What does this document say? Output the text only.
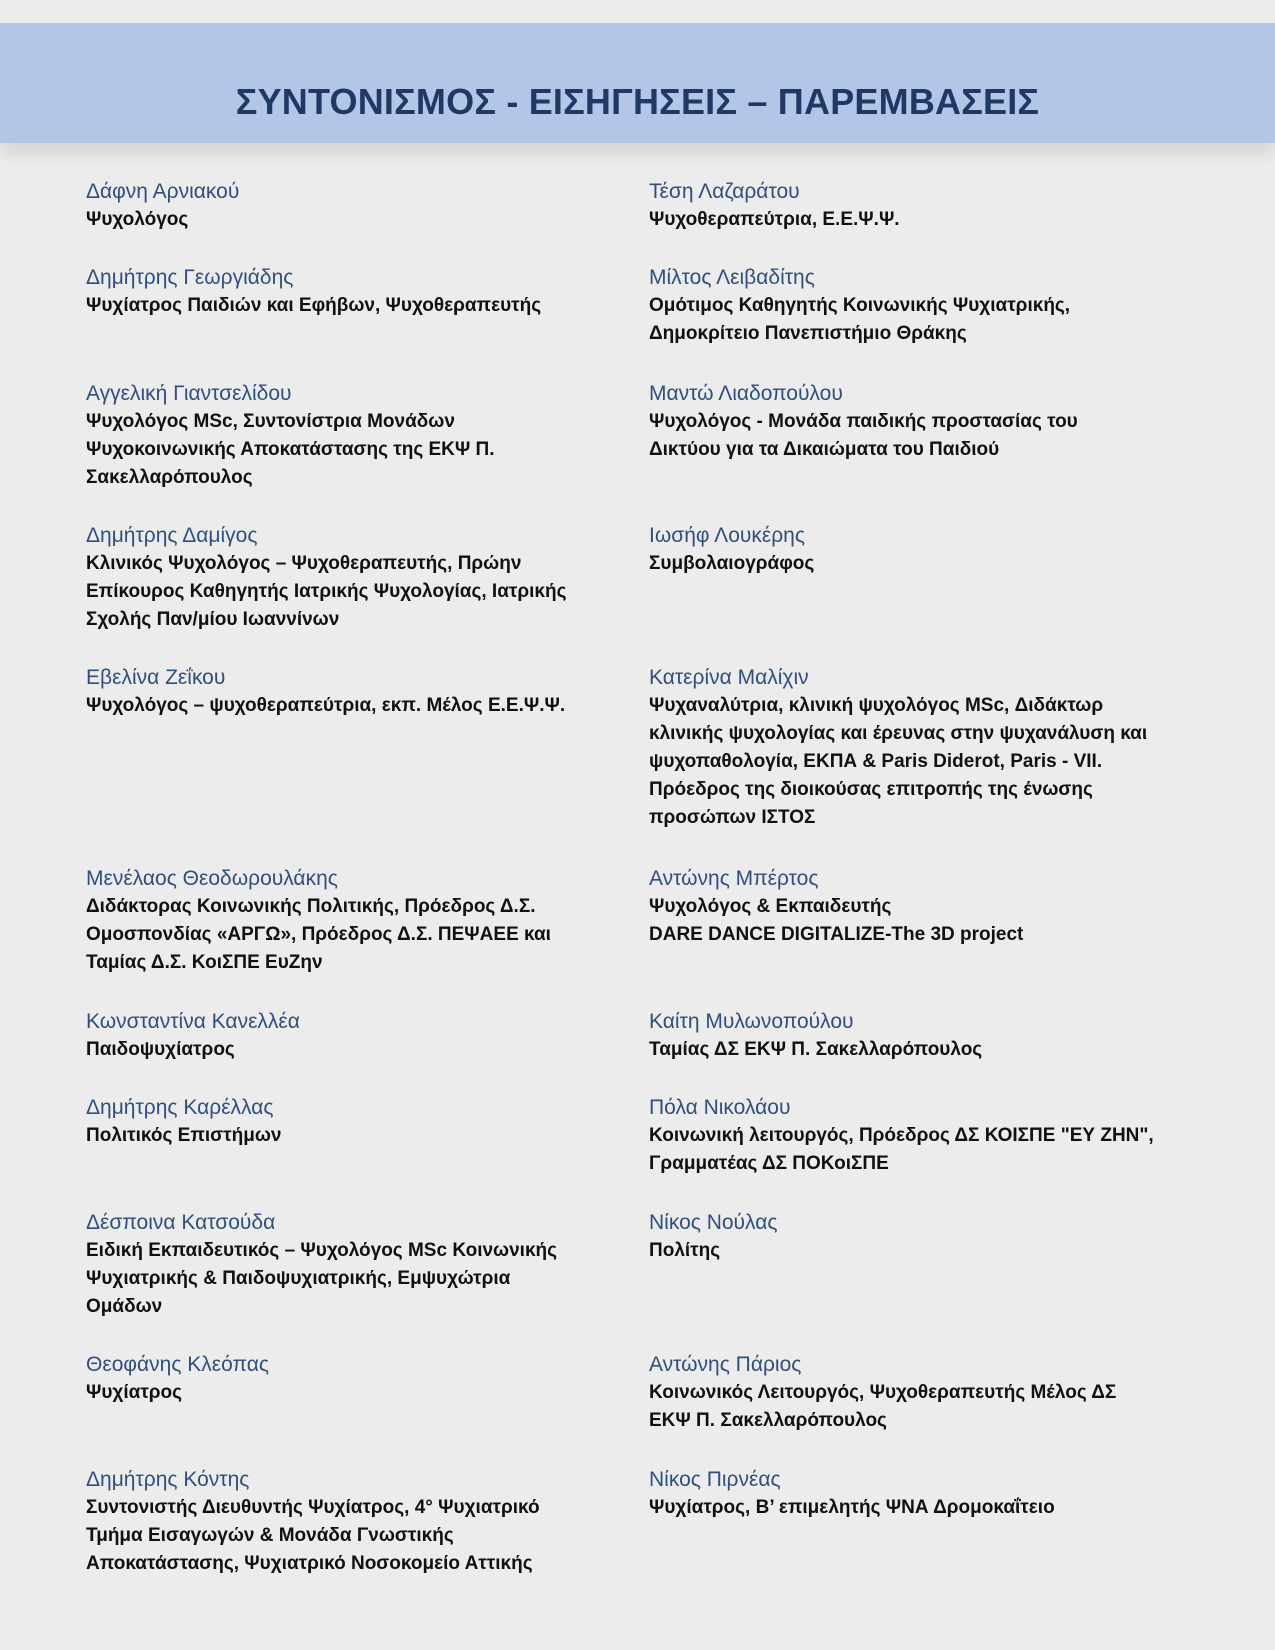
ΣΥΝΤΟΝΙΣΜΟΣ - ΕΙΣΗΓΗΣΕΙΣ – ΠΑΡΕΜΒΑΣΕΙΣ

Δάφνη Αρνιακού

Ψυχολόγος

Δημήτρης Γεωργιάδης

Ψυχίατρος Παιδιών και Εφήβων, Ψυχοθεραπευτής

Αγγελική Γιαντσελίδου

Ψυχολόγος MSc, Συντονίστρια Μονάδων

Ψυχοκοινωνικής Αποκατάστασης της ΕΚΨ Π.

Σακελλαρόπουλος

Δημήτρης Δαμίγος

Κλινικός Ψυχολόγος – Ψυχοθεραπευτής, Πρώην

Επίκουρος Καθηγητής Ιατρικής Ψυχολογίας, Ιατρικής

Σχολής Παν/μίου Ιωαννίνων

Εβελίνα Ζεΐκου

Ψυχολόγος – ψυχοθεραπεύτρια, εκπ. Μέλος Ε.Ε.Ψ.Ψ.

Μενέλαος Θεοδωρουλάκης

Διδάκτορας Κοινωνικής Πολιτικής, Πρόεδρος Δ.Σ.

Ομοσπονδίας «ΑΡΓΩ», Πρόεδρος Δ.Σ. ΠΕΨΑΕΕ και

Ταμίας Δ.Σ. ΚοιΣΠΕ ΕυΖην

Κωνσταντίνα Κανελλέα

Παιδοψυχίατρος

Δημήτρης Καρέλλας

Πολιτικός Επιστήμων

Δέσποινα Κατσούδα

Ειδική Εκπαιδευτικός – Ψυχολόγος MSc Κοινωνικής

Ψυχιατρικής & Παιδοψυχιατρικής, Εμψυχώτρια

Ομάδων

Θεοφάνης Κλεόπας

Ψυχίατρος

Δημήτρης Κόντης

Συντονιστής Διευθυντής Ψυχίατρος, 4° Ψυχιατρικό

Τμήμα Εισαγωγών & Μονάδα Γνωστικής

Αποκατάστασης, Ψυχιατρικό Νοσοκομείο Αττικής

Τέση Λαζαράτου

Ψυχοθεραπεύτρια, Ε.Ε.Ψ.Ψ.

Μίλτος Λειβαδίτης

Ομότιμος Καθηγητής Κοινωνικής Ψυχιατρικής,

Δημοκρίτειο Πανεπιστήμιο Θράκης

Μαντώ Λιαδοπούλου

Ψυχολόγος - Μονάδα παιδικής προστασίας του

Δικτύου για τα Δικαιώματα του Παιδιού

Ιωσήφ Λουκέρης

Συμβολαιογράφος

Κατερίνα Μαλίχιν

Ψυχαναλύτρια, κλινική ψυχολόγος MSc, Διδάκτωρ

κλινικής ψυχολογίας και έρευνας στην ψυχανάλυση και

ψυχοπαθολογία, ΕΚΠΑ & Paris Diderot, Paris - VII.

Πρόεδρος της διοικούσας επιτροπής της ένωσης

προσώπων ΙΣΤΟΣ

Αντώνης Μπέρτος

Ψυχολόγος & Εκπαιδευτής

DARE DANCE DIGITALIZE-The 3D project

Καίτη Μυλωνοπούλου

Ταμίας ΔΣ ΕΚΨ Π. Σακελλαρόπουλος

Πόλα Νικολάου

Κοινωνική λειτουργός, Πρόεδρος ΔΣ ΚΟΙΣΠΕ "ΕΥ ΖΗΝ",

Γραμματέας ΔΣ ΠΟΚοιΣΠΕ

Νίκος Νούλας

Πολίτης

Αντώνης Πάριος

Κοινωνικός Λειτουργός, Ψυχοθεραπευτής Μέλος ΔΣ

ΕΚΨ Π. Σακελλαρόπουλος

Νίκος Πιρνέας

Ψυχίατρος, Β’ επιμελητής ΨΝΑ Δρομοκαΐτειο
